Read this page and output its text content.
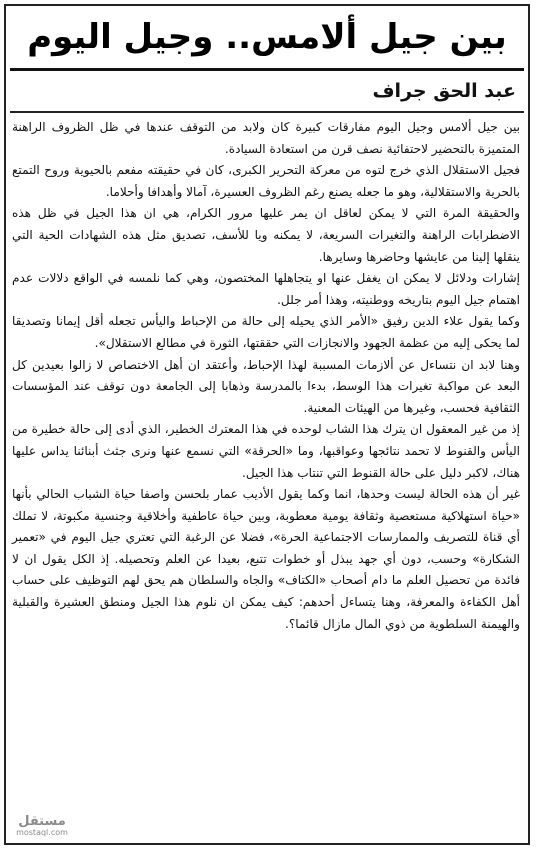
بين جيل ألامس.. وجيل اليوم
عبد الحق جراف

بين جيل ألامس وجيل اليوم مفارقات كبيرة كان ولابد من التوقف عندها في ظل الظروف الراهنة المتميزة بالتحضير لاحتفائية نصف قرن من استعادة السيادة.

فجيل الاستقلال الذي خرج لتوه من معركة التحرير الكبرى، كان في حقيقته مفعم بالحيوية وروح التمتع بالحرية والاستقلالية، وهو ما جعله يصنع رغم الظروف العسيرة، آمالا وأهدافا وأحلاما.

والحقيقة المرة التي لا يمكن لعاقل ان يمر عليها مرور الكرام، هي ان هذا الجيل في ظل هذه الاضطرابات الراهنة والتغيرات السريعة، لا يمكنه ويا للأسف، تصديق مثل هذه الشهادات الحية التي ينقلها إلينا من عايشها وحاضرها وسايرها.

إشارات ودلائل لا يمكن ان يغفل عنها او يتجاهلها المختصون، وهي كما نلمسه في الواقع دلالات عدم اهتمام جيل اليوم بتاريخه ووطنيته، وهذا أمر جلل.

وكما يقول علاء الدين رفيق «الأمر الذي يحيله إلى حالة من الإحباط واليأس تجعله أقل إيمانا وتصديقا لما يحكى إليه من عظمة الجهود والانجازات التي حققتها، الثورة في مطالع الاستقلال».

وهنا لابد ان نتساءل عن ألازمات المسببة لهذا الإحباط، وأعتقد ان أهل الاختصاص لا زالوا بعيدين كل البعد عن مواكبة تغيرات هذا الوسط، بدءا بالمدرسة وذهابا إلى الجامعة دون توقف عند المؤسسات الثقافية فحسب، وغيرها من الهيئات المعنية.

إذ من غير المعقول ان يترك هذا الشاب لوحده في هذا المعترك الخطير، الذي أدى إلى حالة خطيرة من اليأس والقنوط لا تحمد نتائجها وعواقبها، وما «الحرقة» التي نسمع عنها ونرى جثث أبنائنا يداس عليها هناك، لاكبر دليل على حالة القنوط التي تنتاب هذا الجيل.

غير أن هذه الحالة ليست وحدها، انما وكما يقول الأديب عمار بلحسن واصفا حياة الشباب الحالي بأنها «حياة استهلاكية مستعصية وثقافة يومية معطوبة، وبين حياة عاطفية وأخلاقية وجنسية مكبوتة، لا تملك أي قناة للتصريف والممارسات الاجتماعية الحرة»، فضلا عن الرغبة التي تعتري جيل اليوم في «تعمير الشكارة» وحسب، دون أي جهد يبذل أو خطوات تتبع، بعيدا عن العلم وتحصيله. إذ الكل يقول ان لا فائدة من تحصيل العلم ما دام أصحاب «الكتاف» والجاه والسلطان هم يحق لهم التوظيف على حساب أهل الكفاءة والمعرفة، وهنا يتساءل أحدهم: كيف يمكن ان نلوم هذا الجيل ومنطق العشيرة والقبلية والهيمنة السلطوية من ذوي المال مازال قائما؟.

مستقل
mostaql.com
